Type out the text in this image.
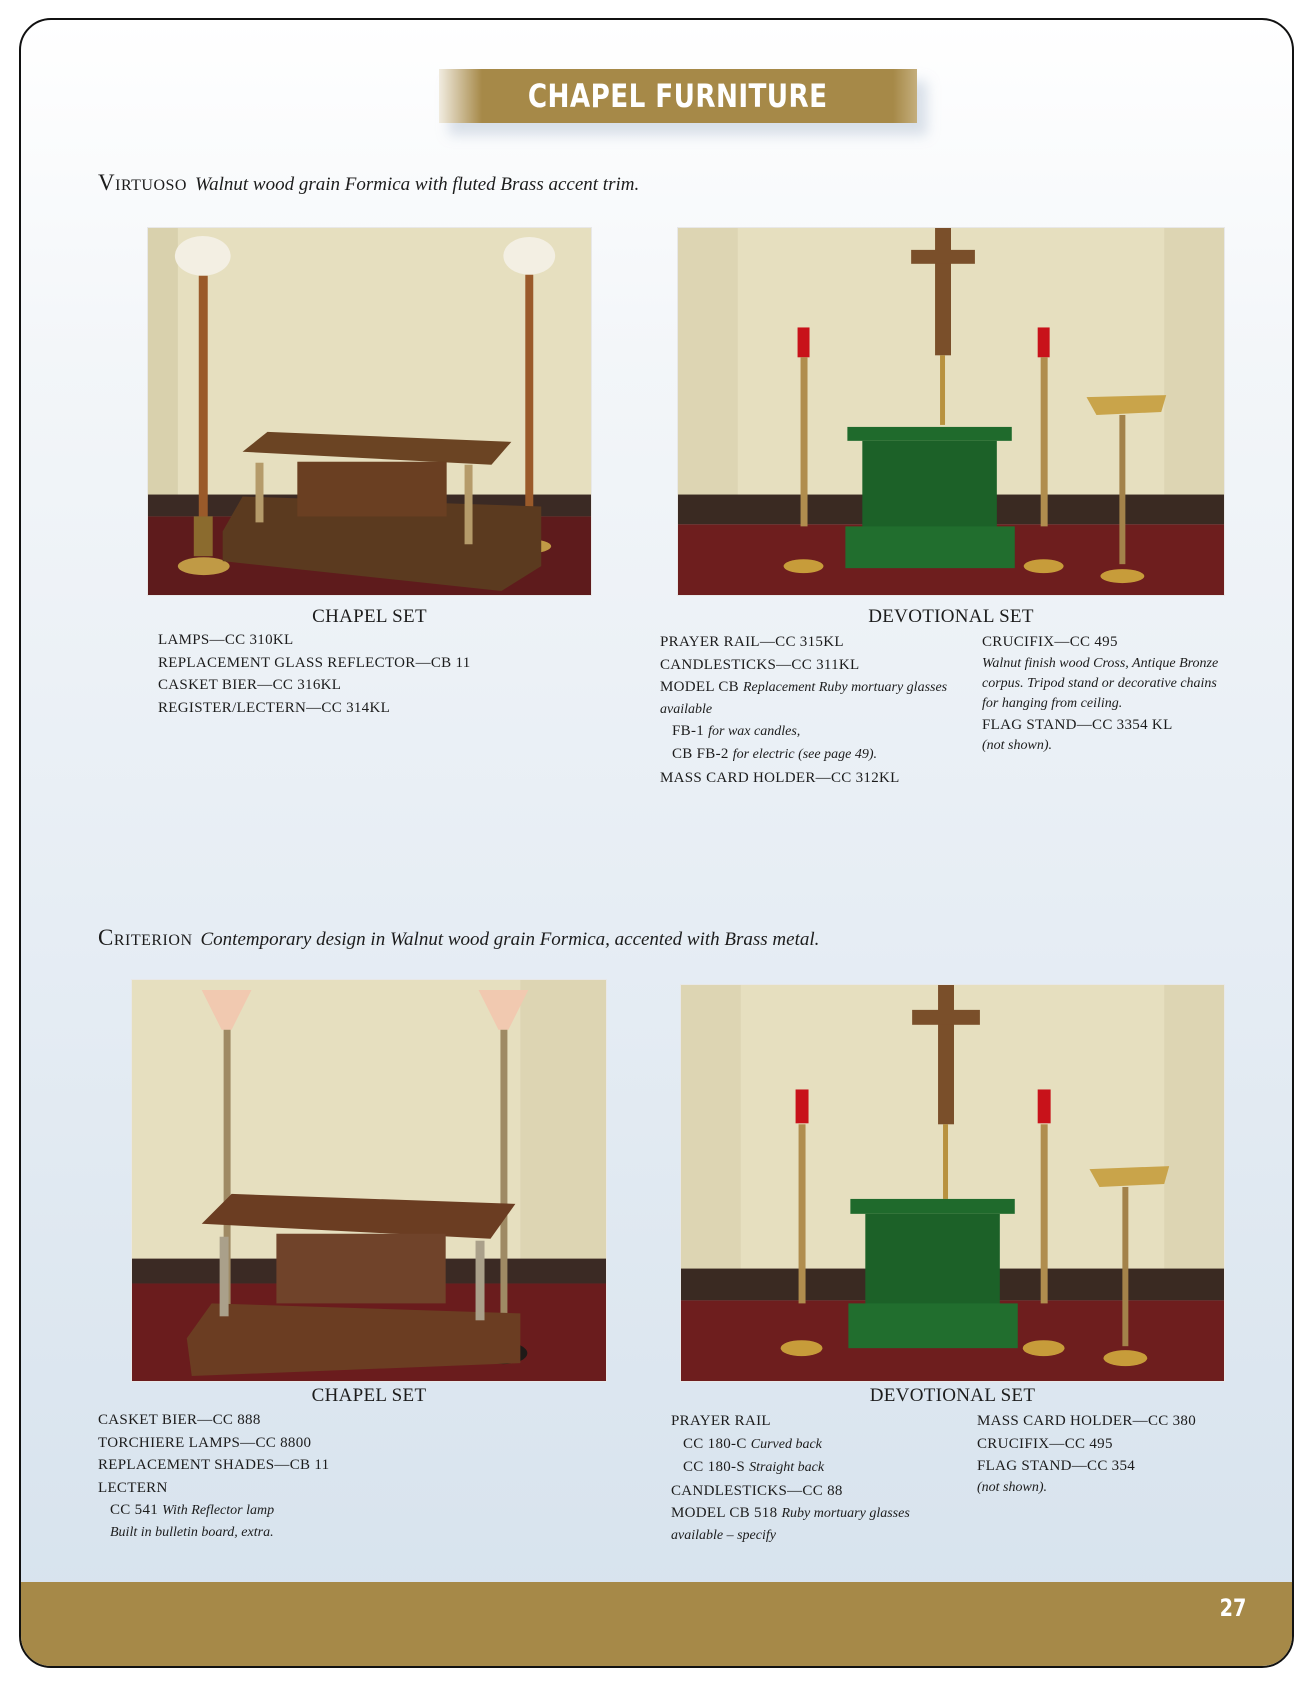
CHAPEL FURNITURE
Virtuoso Walnut wood grain Formica with fluted Brass accent trim.
CHAPEL SET
LAMPS—CC 310KL
REPLACEMENT GLASS REFLECTOR—CB 11
CASKET BIER—CC 316KL
REGISTER/LECTERN—CC 314KL
DEVOTIONAL SET
PRAYER RAIL—CC 315KL
CANDLESTICKS—CC 311KL
MODEL CB Replacement Ruby mortuary glasses
available
FB-1 for wax candles,
CB FB-2 for electric (see page 49).
MASS CARD HOLDER—CC 312KL
CRUCIFIX—CC 495
Walnut finish wood Cross, Antique Bronze corpus. Tripod stand or decorative chains for hanging from ceiling.
FLAG STAND—CC 3354 KL
(not shown).
Criterion Contemporary design in Walnut wood grain Formica, accented with Brass metal.
CHAPEL SET
CASKET BIER—CC 888
TORCHIERE LAMPS—CC 8800
REPLACEMENT SHADES—CB 11
LECTERN
CC 541 With Reflector lamp
Built in bulletin board, extra.
DEVOTIONAL SET
PRAYER RAIL
CC 180-C Curved back
CC 180-S Straight back
CANDLESTICKS—CC 88
MODEL CB 518 Ruby mortuary glasses
available – specify
MASS CARD HOLDER—CC 380
CRUCIFIX—CC 495
FLAG STAND—CC 354
(not shown).
27
